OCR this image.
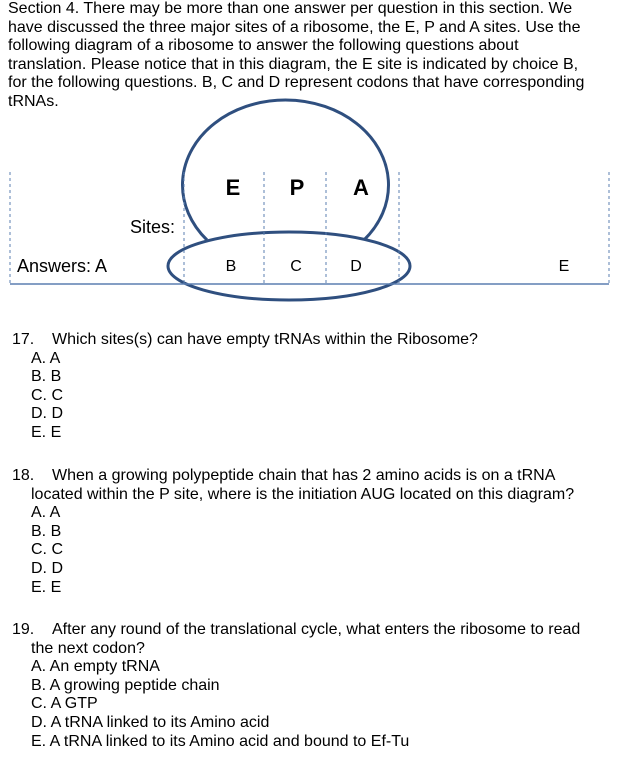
Section 4. There may be more than one answer per question in this section. We
have discussed the three major sites of a ribosome, the E, P and A sites. Use the
following diagram of a ribosome to answer the following questions about
translation. Please notice that in this diagram, the E site is indicated by choice B,
for the following questions. B, C and D represent codons that have corresponding
tRNAs.
E P A
Sites:
Answers: A	B	C	D	E
17. Which sites(s) can have empty tRNAs within the Ribosome?
A. A
B. B
C. C
D. D
E. E
18. When a growing polypeptide chain that has 2 amino acids is on a tRNA
located within the P site, where is the initiation AUG located on this diagram?
A. A
B. B
C. C
D. D
E. E
19. After any round of the translational cycle, what enters the ribosome to read
the next codon?
A. An empty tRNA
B. A growing peptide chain
C. A GTP
D. A tRNA linked to its Amino acid
E. A tRNA linked to its Amino acid and bound to Ef-Tu
